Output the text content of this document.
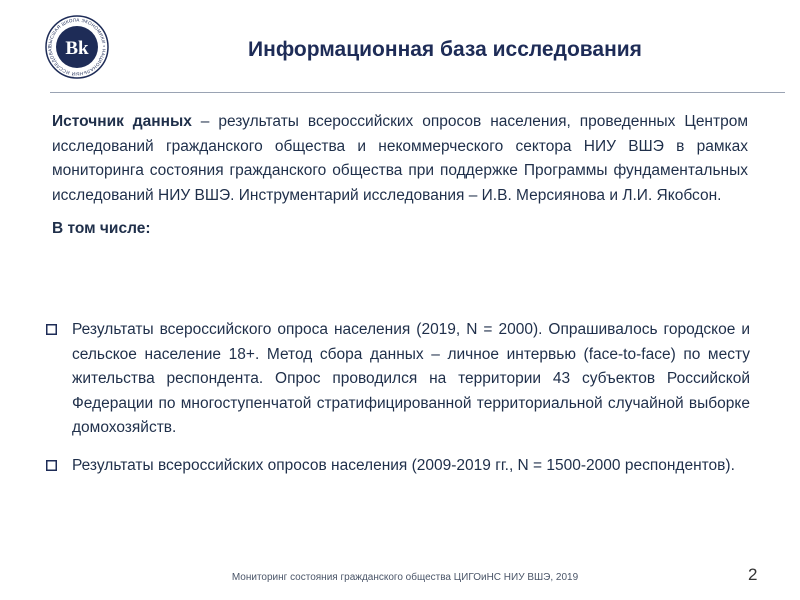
ВЫСШАЯ ШКОЛА ЭКОНОМИКИ • НАЦИОНАЛЬНЫЙ ИССЛЕДОВАТ Вk	Информационная база исследования

Источник данных – результаты всероссийских опросов населения, проведенных Центром исследований гражданского общества и некоммерческого сектора НИУ ВШЭ в рамках мониторинга состояния гражданского общества при поддержке Программы фундаментальных исследований НИУ ВШЭ. Инструментарий исследования – И.В. Мерсиянова и Л.И. Якобсон.

В том числе:
Результаты всероссийского опроса населения (2019, N = 2000). Опрашивалось городское и сельское население 18+. Метод сбора данных – личное интервью (face-to-face) по месту жительства респондента. Опрос проводился на территории 43 субъектов Российской Федерации по многоступенчатой стратифицированной территориальной случайной выборке домохозяйств.
Результаты всероссийских опросов населения (2009-2019 гг., N = 1500-2000 респондентов).
Мониторинг состояния гражданского общества ЦИГОиНС НИУ ВШЭ, 2019	2
